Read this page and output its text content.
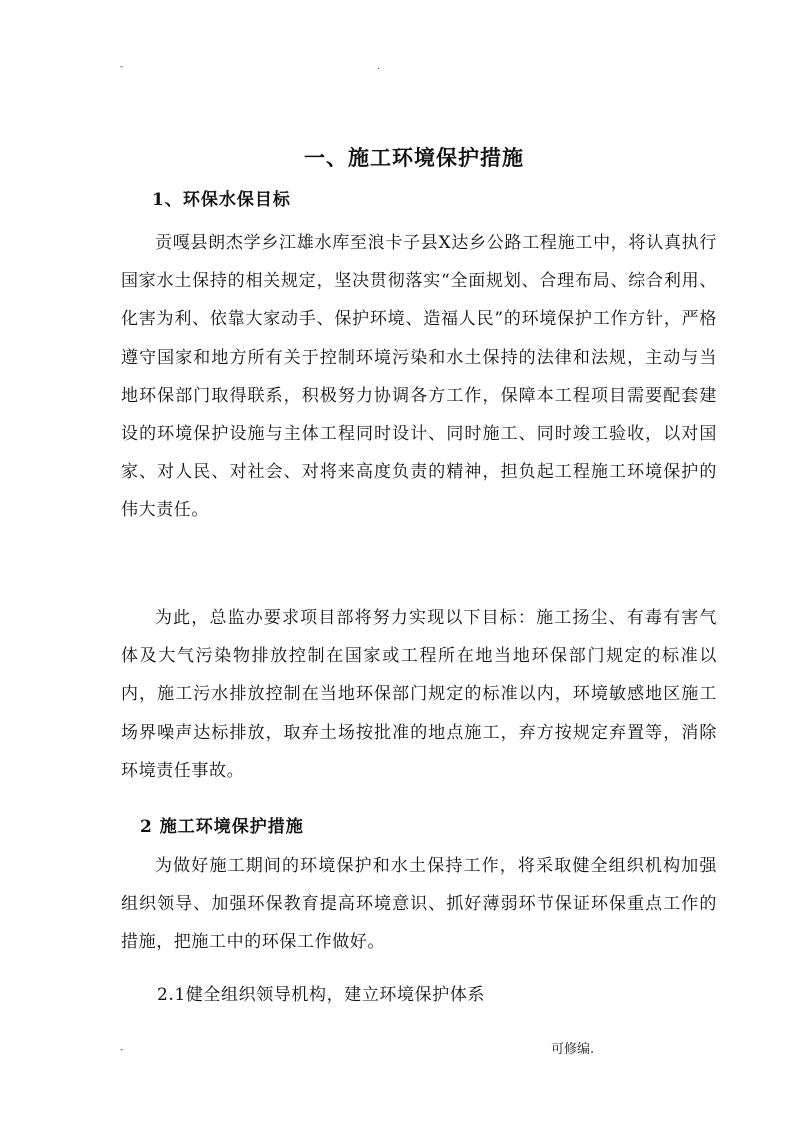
-	.
一、施工环境保护措施
1、环保水保目标
贡嘎县朗杰学乡江雄水库至浪卡子县X达乡公路工程施工中，将认真执行国家水土保持的相关规定，坚决贯彻落实“全面规划、合理布局、综合利用、化害为利、依靠大家动手、保护环境、造福人民”的环境保护工作方针，严格遵守国家和地方所有关于控制环境污染和水土保持的法律和法规，主动与当地环保部门取得联系，积极努力协调各方工作，保障本工程项目需要配套建设的环境保护设施与主体工程同时设计、同时施工、同时竣工验收，以对国家、对人民、对社会、对将来高度负责的精神，担负起工程施工环境保护的伟大责任。
为此，总监办要求项目部将努力实现以下目标：施工扬尘、有毒有害气体及大气污染物排放控制在国家或工程所在地当地环保部门规定的标准以内，施工污水排放控制在当地环保部门规定的标准以内，环境敏感地区施工场界噪声达标排放，取弃土场按批准的地点施工，弃方按规定弃置等，消除环境责任事故。
2 施工环境保护措施
为做好施工期间的环境保护和水土保持工作，将采取健全组织机构加强组织领导、加强环保教育提高环境意识、抓好薄弱环节保证环保重点工作的措施，把施工中的环保工作做好。
2.1健全组织领导机构，建立环境保护体系
-	可修编.
